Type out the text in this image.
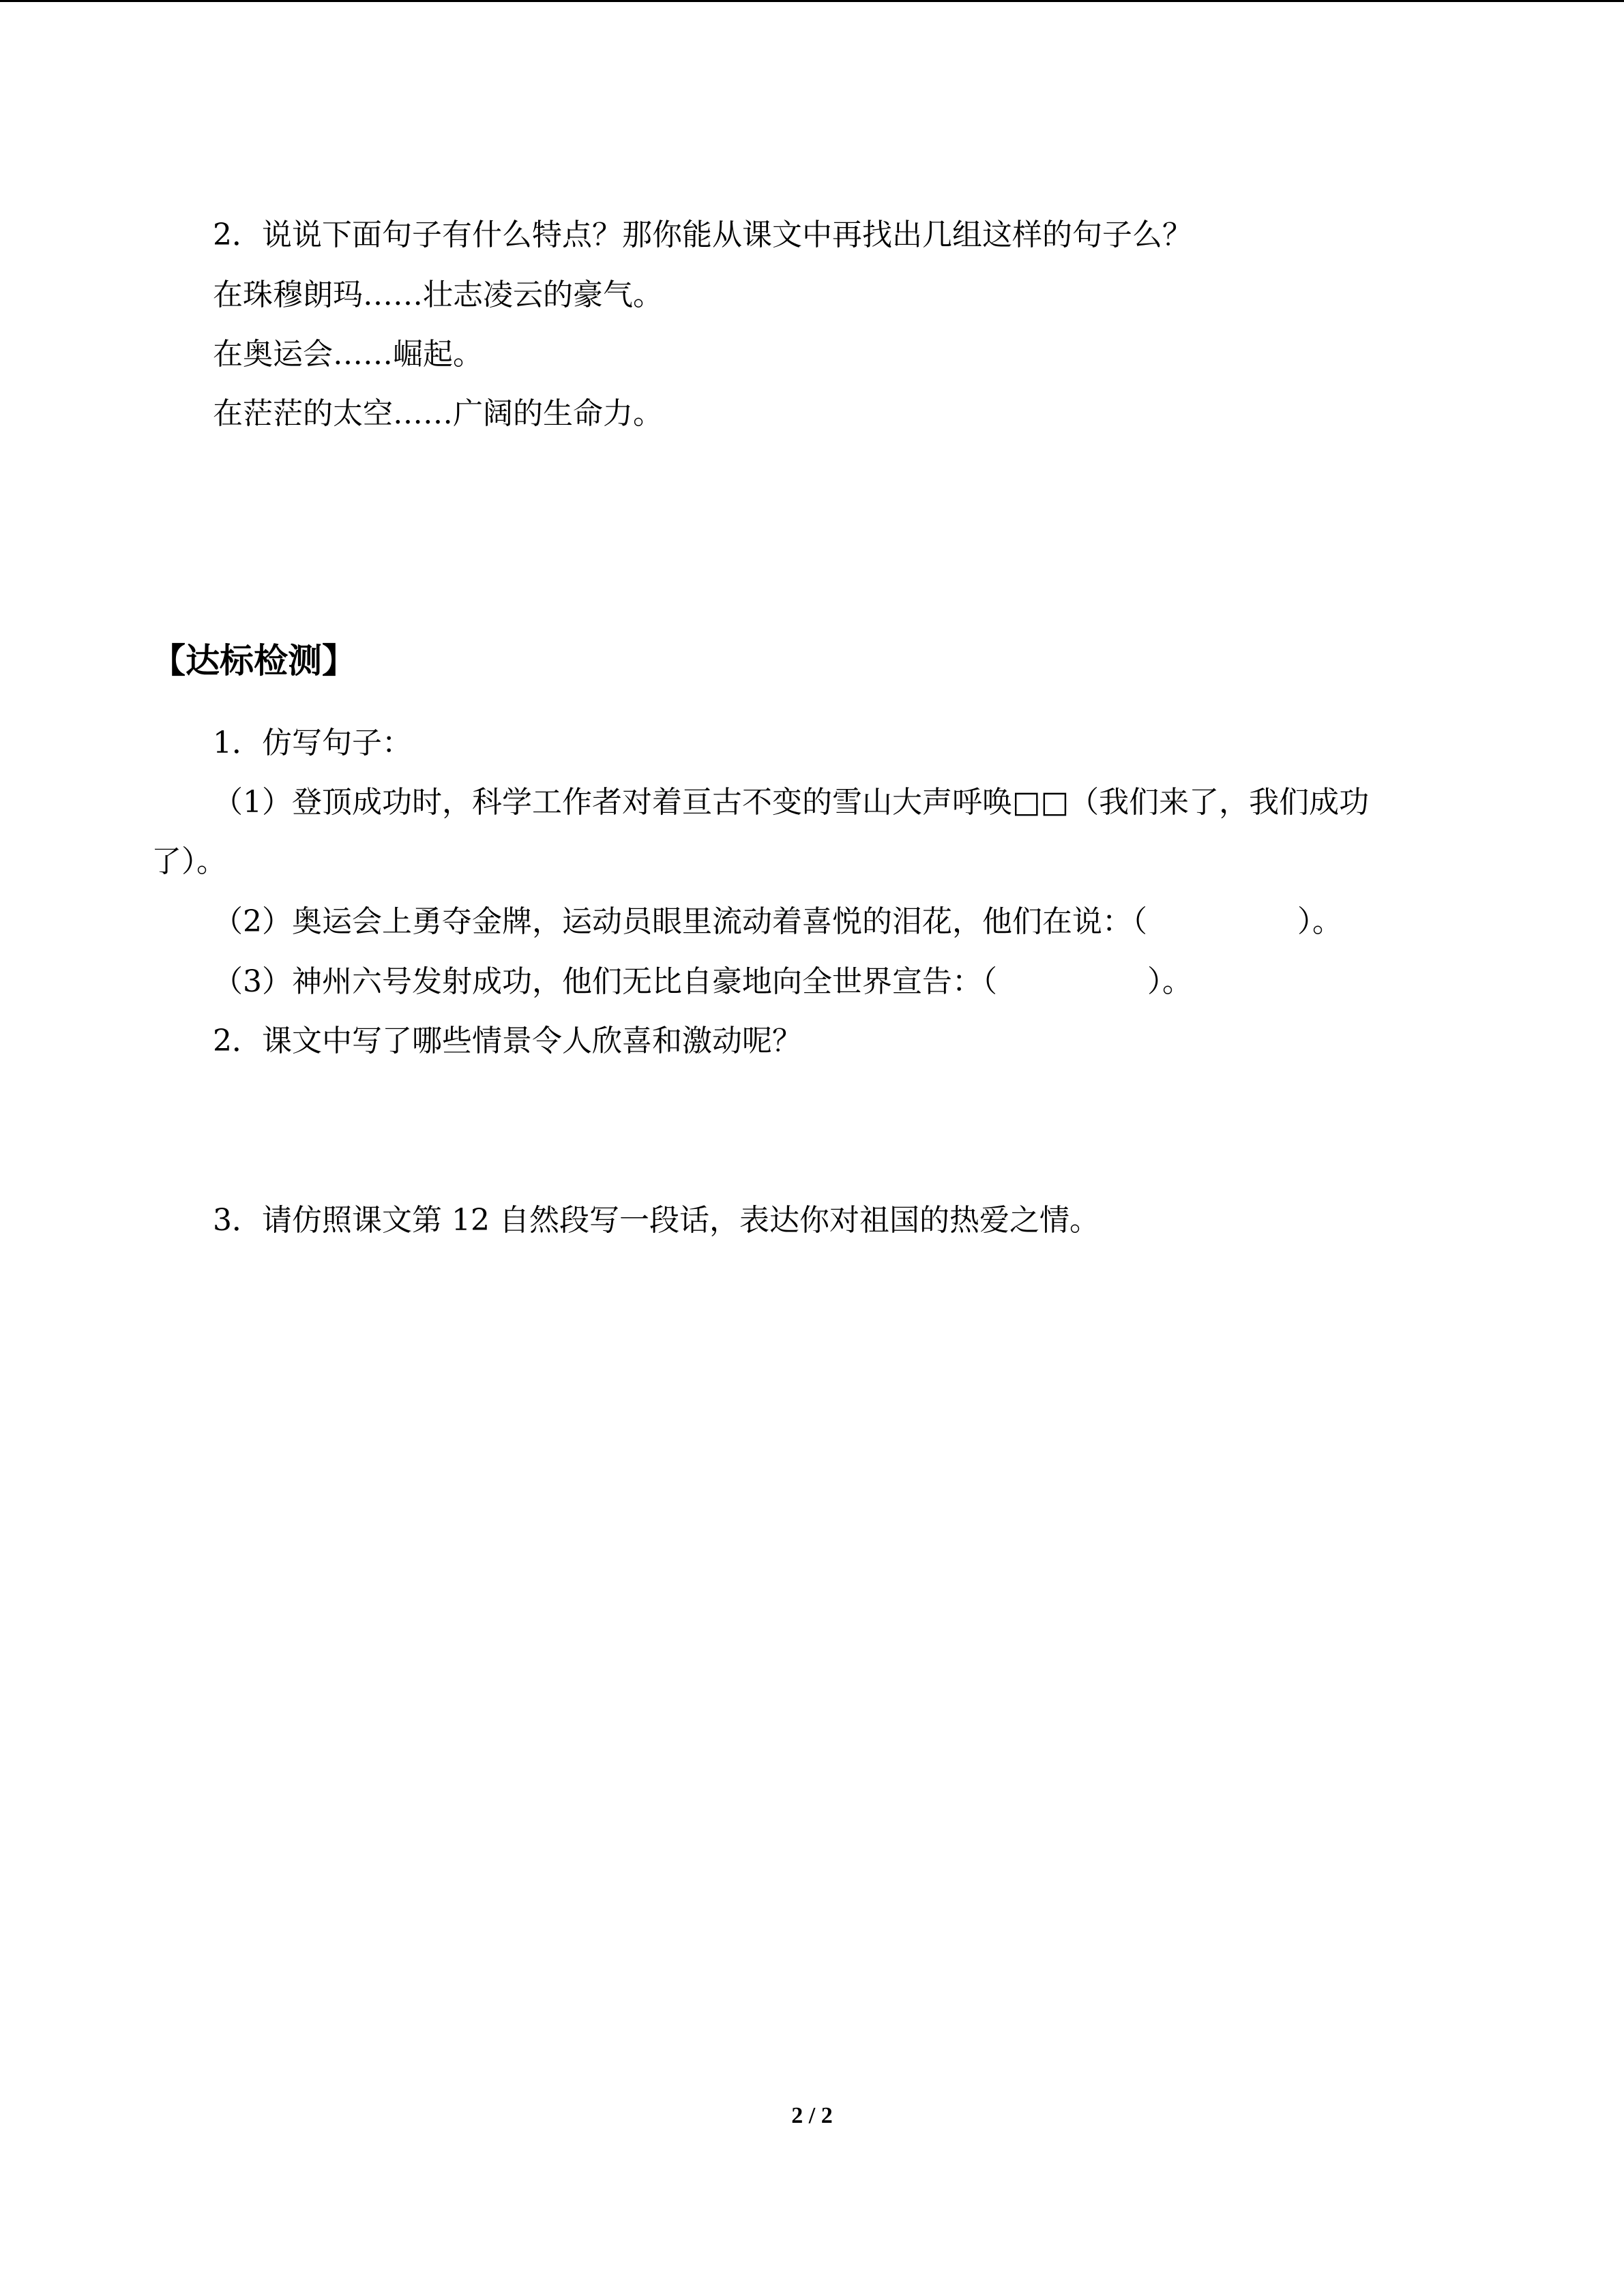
2．说说下面句子有什么特点？那你能从课文中再找出几组这样的句子么？

在珠穆朗玛……壮志凌云的豪气。

在奥运会……崛起。

在茫茫的太空……广阔的生命力。

【达标检测】

1．仿写句子：

（1）登顶成功时，科学工作者对着亘古不变的雪山大声呼唤□□（我们来了，我们成功

了）。

（2）奥运会上勇夺金牌，运动员眼里流动着喜悦的泪花，他们在说：（　　　　　）。

（3）神州六号发射成功，他们无比自豪地向全世界宣告：（　　　　　）。

2．课文中写了哪些情景令人欣喜和激动呢？

3．请仿照课文第 12 自然段写一段话，表达你对祖国的热爱之情。

2 / 2
